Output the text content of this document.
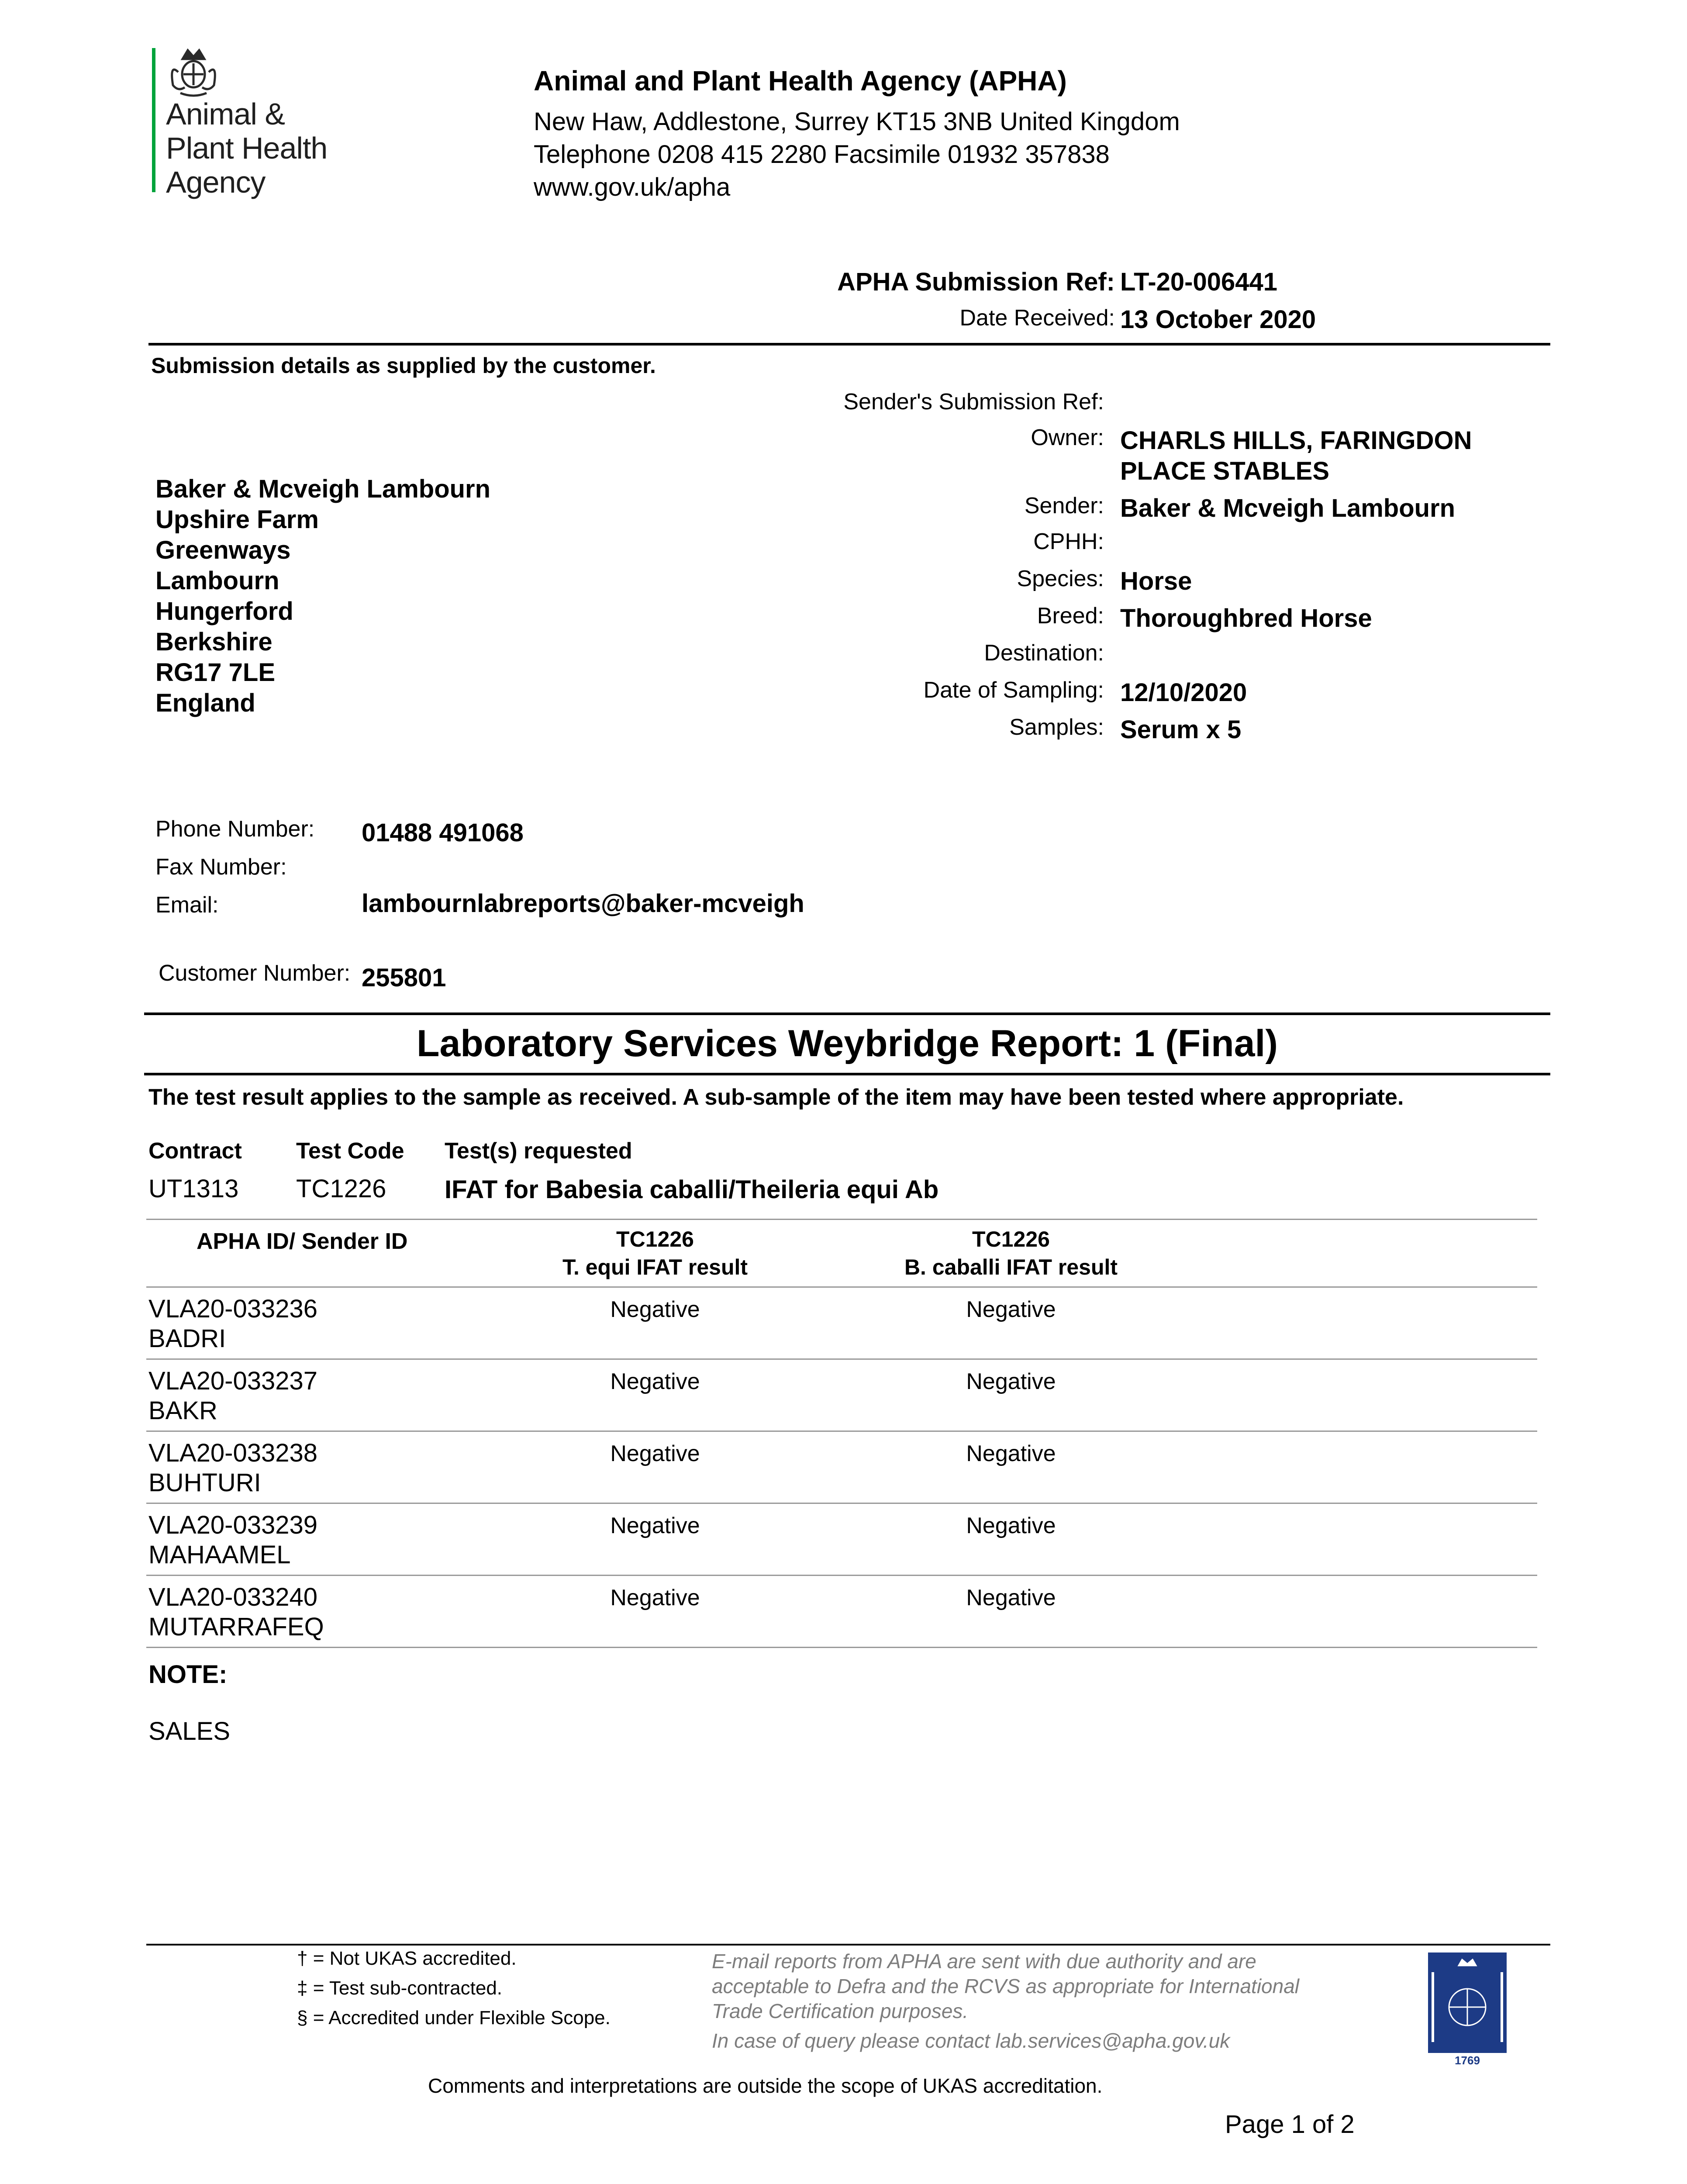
Animal &
Plant Health
Agency
Animal and Plant Health Agency (APHA)
New Haw, Addlestone, Surrey KT15 3NB United Kingdom
Telephone 0208 415 2280 Facsimile 01932 357838
www.gov.uk/apha
APHA Submission Ref: LT-20-006441
Date Received: 13 October 2020
Submission details as supplied by the customer.
Baker & Mcveigh Lambourn
Upshire Farm
Greenways
Lambourn
Hungerford
Berkshire
RG17 7LE
England
Sender's Submission Ref:
Owner: CHARLS HILLS, FARINGDON
PLACE STABLES
Sender: Baker & Mcveigh Lambourn
CPHH:
Species: Horse
Breed: Thoroughbred Horse
Destination:
Date of Sampling: 12/10/2020
Samples: Serum x 5
Phone Number: 01488 491068
Fax Number:
Email:	lambournlabreports@baker-mcveigh
Customer Number: 255801
Laboratory Services Weybridge Report: 1 (Final)
The test result applies to the sample as received. A sub-sample of the item may have been tested where appropriate.
Contract Test Code Test(s) requested
UT1313 TC1226 IFAT for Babesia caballi/Theileria equi Ab
APHA ID/ Sender ID	TC1226
T. equi IFAT result
TC1226
B. caballi IFAT result
VLA20-033236
BADRI
Negative	Negative
VLA20-033237
BAKR
Negative	Negative
VLA20-033238
BUHTURI
Negative	Negative
VLA20-033239
MAHAAMEL
Negative	Negative
VLA20-033240
MUTARRAFEQ
Negative	Negative
NOTE:
SALES
† = Not UKAS accredited.
‡ = Test sub-contracted.
§ = Accredited under Flexible Scope.
E-mail reports from APHA are sent with due authority and are
acceptable to Defra and the RCVS as appropriate for International
Trade Certification purposes.
In case of query please contact lab.services@apha.gov.uk
1769
Comments and interpretations are outside the scope of UKAS accreditation.
Page 1 of 2
